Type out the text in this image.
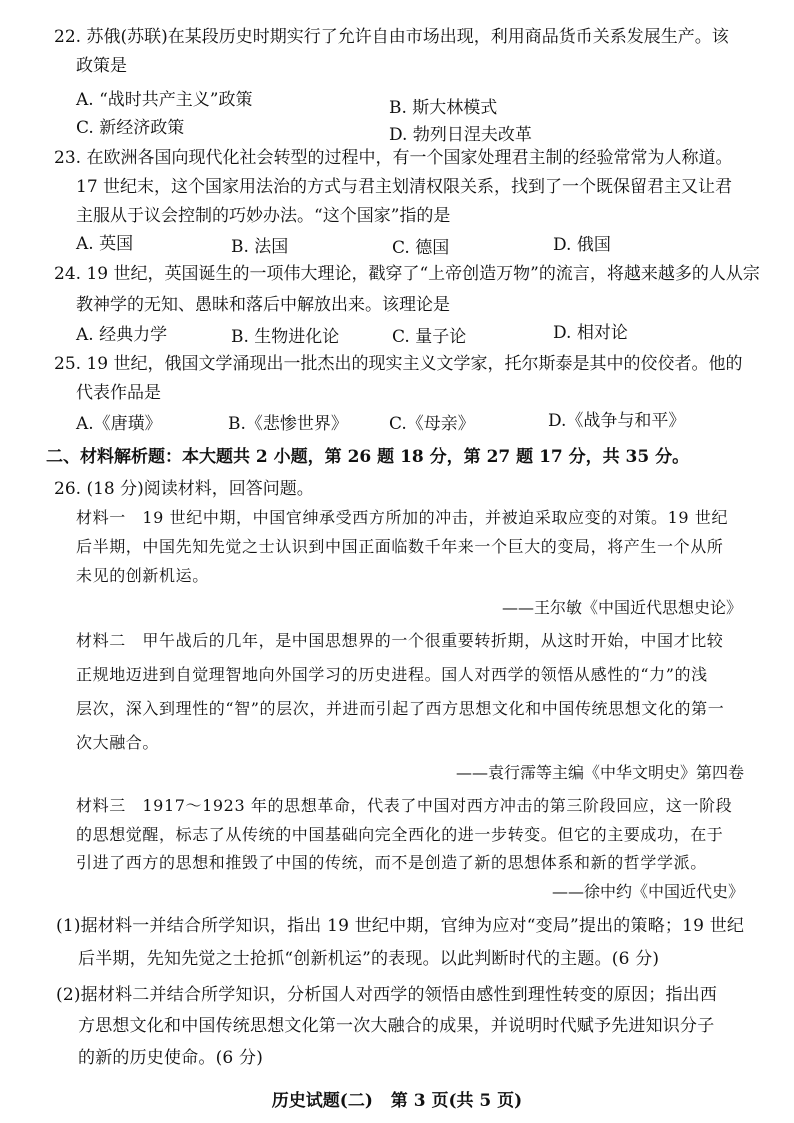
22. 苏俄(苏联)在某段历史时期实行了允许自由市场出现，利用商品货币关系发展生产。该
政策是
A. “战时共产主义”政策	B. 斯大林模式
C. 新经济政策	D. 勃列日涅夫改革
23. 在欧洲各国向现代化社会转型的过程中，有一个国家处理君主制的经验常常为人称道。
17 世纪末，这个国家用法治的方式与君主划清权限关系，找到了一个既保留君主又让君
主服从于议会控制的巧妙办法。“这个国家”指的是
A. 英国	B. 法国	C. 德国	D. 俄国
24. 19 世纪，英国诞生的一项伟大理论，戳穿了“上帝创造万物”的流言，将越来越多的人从宗
教神学的无知、愚昧和落后中解放出来。该理论是
A. 经典力学	B. 生物进化论	C. 量子论	D. 相对论
25. 19 世纪，俄国文学涌现出一批杰出的现实主义文学家，托尔斯泰是其中的佼佼者。他的
代表作品是
A.《唐璜》	B.《悲惨世界》 C.《母亲》	D.《战争与和平》
二、材料解析题：本大题共 2 小题，第 26 题 18 分，第 27 题 17 分，共 35 分。
26. (18 分)阅读材料，回答问题。
材料一　19 世纪中期，中国官绅承受西方所加的冲击，并被迫采取应变的对策。19 世纪
后半期，中国先知先觉之士认识到中国正面临数千年来一个巨大的变局，将产生一个从所
未见的创新机运。
——王尔敏《中国近代思想史论》
材料二　甲午战后的几年，是中国思想界的一个很重要转折期，从这时开始，中国才比较
正规地迈进到自觉理智地向外国学习的历史进程。国人对西学的领悟从感性的“力”的浅
层次，深入到理性的“智”的层次，并进而引起了西方思想文化和中国传统思想文化的第一
次大融合。
——袁行霈等主编《中华文明史》第四卷
材料三　1917～1923 年的思想革命，代表了中国对西方冲击的第三阶段回应，这一阶段
的思想觉醒，标志了从传统的中国基础向完全西化的进一步转变。但它的主要成功，在于
引进了西方的思想和推毁了中国的传统，而不是创造了新的思想体系和新的哲学学派。
——徐中约《中国近代史》
(1)据材料一并结合所学知识，指出 19 世纪中期，官绅为应对“变局”提出的策略；19 世纪
后半期，先知先觉之士抢抓“创新机运”的表现。以此判断时代的主题。(6 分)
(2)据材料二并结合所学知识，分析国人对西学的领悟由感性到理性转变的原因；指出西
方思想文化和中国传统思想文化第一次大融合的成果，并说明时代赋予先进知识分子
的新的历史使命。(6 分)
历史试题(二) 第 3 页(共 5 页)
